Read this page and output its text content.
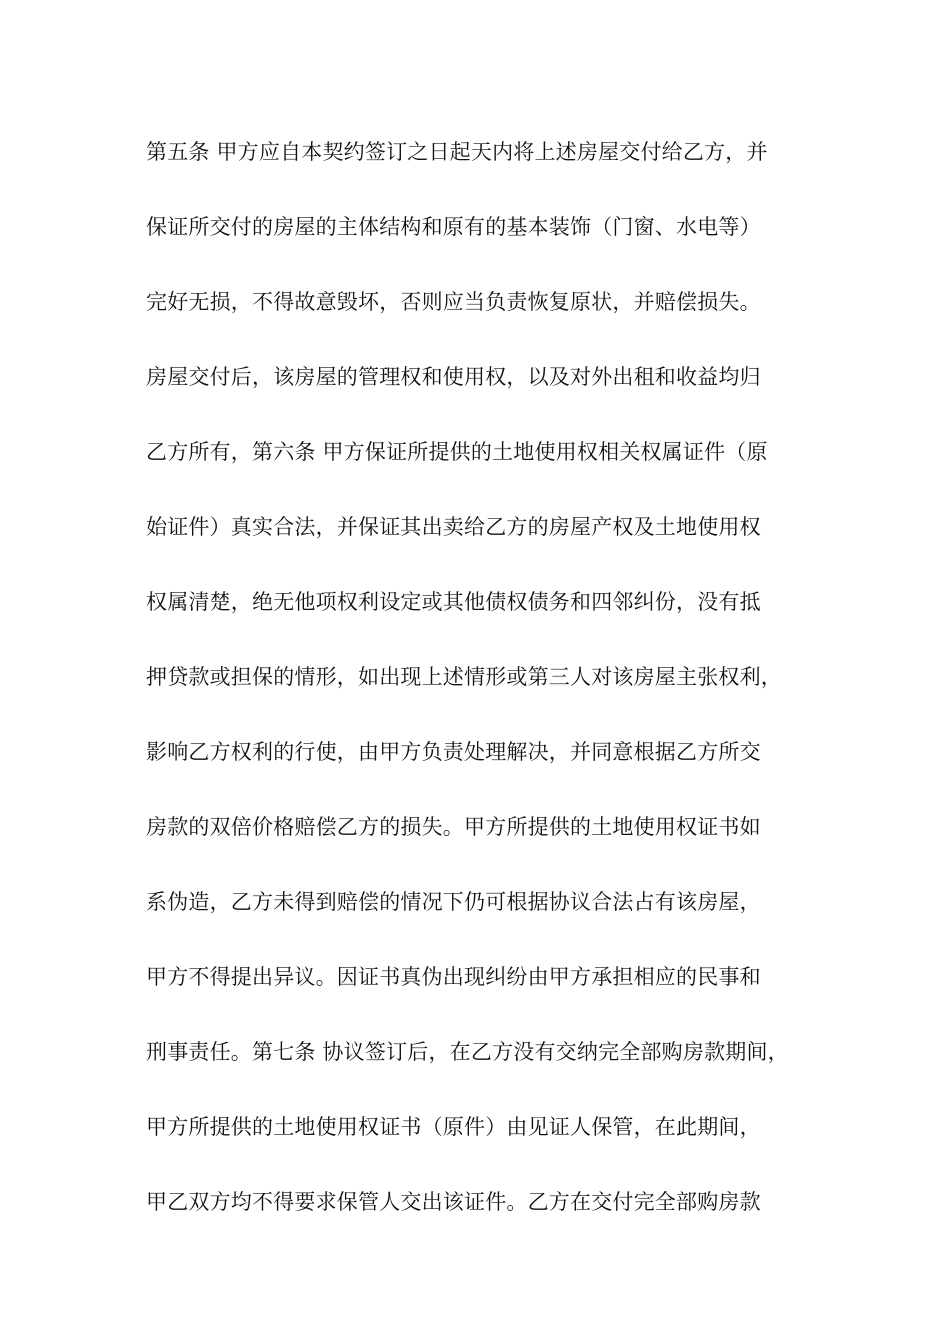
第五条 甲方应自本契约签订之日起天内将上述房屋交付给乙方，并
保证所交付的房屋的主体结构和原有的基本装饰（门窗、水电等）
完好无损，不得故意毁坏，否则应当负责恢复原状，并赔偿损失。
房屋交付后，该房屋的管理权和使用权，以及对外出租和收益均归
乙方所有，第六条 甲方保证所提供的土地使用权相关权属证件（原
始证件）真实合法，并保证其出卖给乙方的房屋产权及土地使用权
权属清楚，绝无他项权利设定或其他债权债务和四邻纠份，没有抵
押贷款或担保的情形，如出现上述情形或第三人对该房屋主张权利，
影响乙方权利的行使，由甲方负责处理解决，并同意根据乙方所交
房款的双倍价格赔偿乙方的损失。甲方所提供的土地使用权证书如
系伪造，乙方未得到赔偿的情况下仍可根据协议合法占有该房屋，
甲方不得提出异议。因证书真伪出现纠纷由甲方承担相应的民事和
刑事责任。第七条 协议签订后，在乙方没有交纳完全部购房款期间，
甲方所提供的土地使用权证书（原件）由见证人保管，在此期间，
甲乙双方均不得要求保管人交出该证件。乙方在交付完全部购房款
